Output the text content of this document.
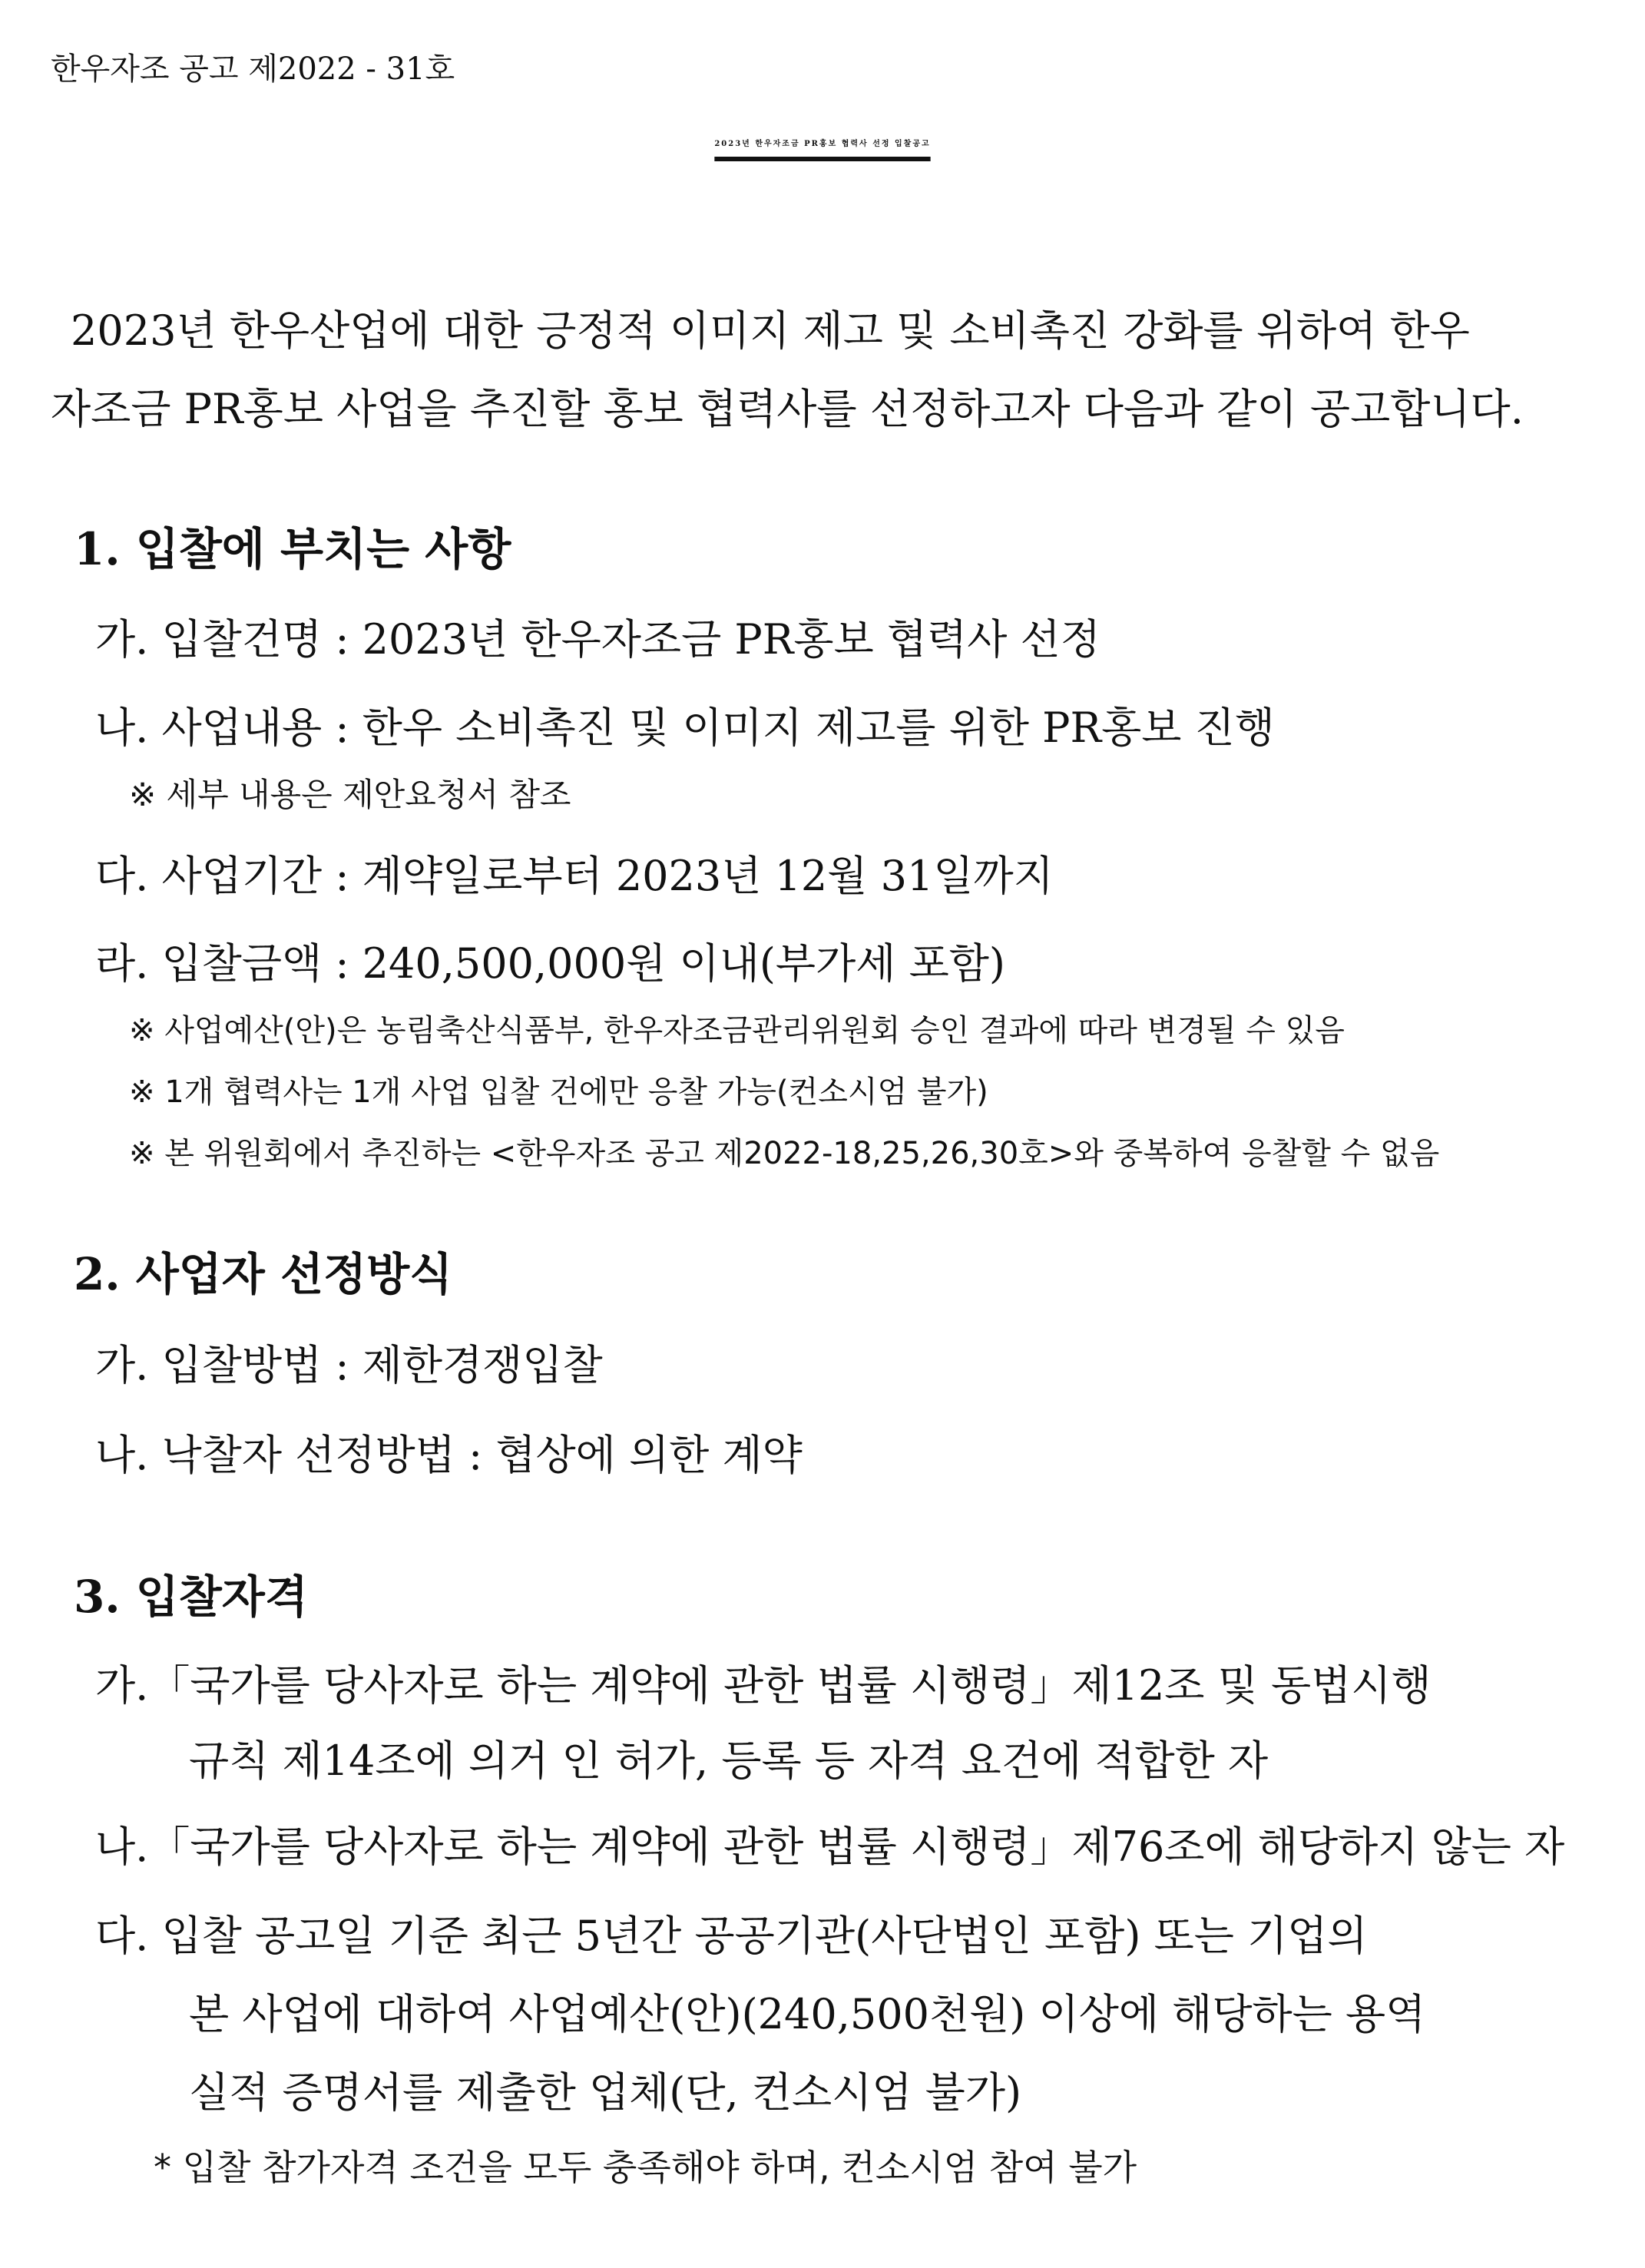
한우자조 공고 제2022 - 31호

2023년 한우자조금 PR홍보 협력사 선정 입찰공고

2023년 한우산업에 대한 긍정적 이미지 제고 및 소비촉진 강화를 위하여 한우

자조금 PR홍보 사업을 추진할 홍보 협력사를 선정하고자 다음과 같이 공고합니다.

1. 입찰에 부치는 사항

가. 입찰건명 : 2023년 한우자조금 PR홍보 협력사 선정

나. 사업내용 : 한우 소비촉진 및 이미지 제고를 위한 PR홍보 진행

※ 세부 내용은 제안요청서 참조

다. 사업기간 : 계약일로부터 2023년 12월 31일까지

라. 입찰금액 : 240,500,000원 이내(부가세 포함)

※ 사업예산(안)은 농림축산식품부, 한우자조금관리위원회 승인 결과에 따라 변경될 수 있음

※ 1개 협력사는 1개 사업 입찰 건에만 응찰 가능(컨소시엄 불가)

※ 본 위원회에서 추진하는 <한우자조 공고 제2022-18,25,26,30호>와 중복하여 응찰할 수 없음

2. 사업자 선정방식

가. 입찰방법 : 제한경쟁입찰

나. 낙찰자 선정방법 : 협상에 의한 계약

3. 입찰자격

가.「국가를 당사자로 하는 계약에 관한 법률 시행령」제12조 및 동법시행

규칙 제14조에 의거 인 허가, 등록 등 자격 요건에 적합한 자

나.「국가를 당사자로 하는 계약에 관한 법률 시행령」제76조에 해당하지 않는 자

다. 입찰 공고일 기준 최근 5년간 공공기관(사단법인 포함) 또는 기업의

본 사업에 대하여 사업예산(안)(240,500천원) 이상에 해당하는 용역

실적 증명서를 제출한 업체(단, 컨소시엄 불가)

* 입찰 참가자격 조건을 모두 충족해야 하며, 컨소시엄 참여 불가
